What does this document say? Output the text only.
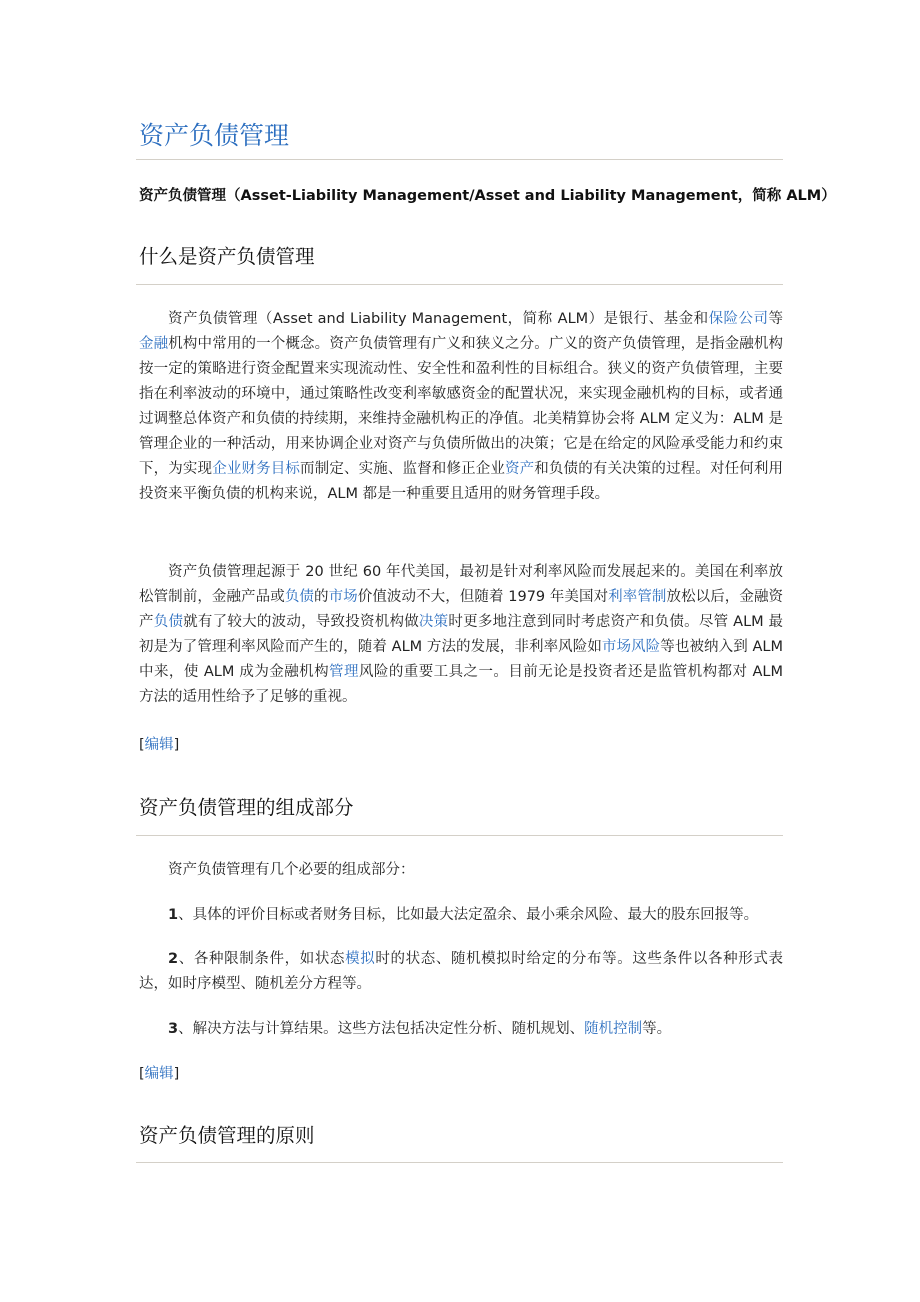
资产负债管理

资产负债管理（Asset-Liability Management/Asset and Liability Management，简称 ALM）

什么是资产负债管理

资产负债管理（Asset and Liability Management，简称 ALM）是银行、基金和保险公司等金融机构中常用的一个概念。资产负债管理有广义和狭义之分。广义的资产负债管理，是指金融机构按一定的策略进行资金配置来实现流动性、安全性和盈利性的目标组合。狭义的资产负债管理，主要指在利率波动的环境中，通过策略性改变利率敏感资金的配置状况，来实现金融机构的目标，或者通过调整总体资产和负债的持续期，来维持金融机构正的净值。北美精算协会将 ALM 定义为：ALM 是管理企业的一种活动，用来协调企业对资产与负债所做出的决策；它是在给定的风险承受能力和约束下，为实现企业财务目标而制定、实施、监督和修正企业资产和负债的有关决策的过程。对任何利用投资来平衡负债的机构来说，ALM 都是一种重要且适用的财务管理手段。

资产负债管理起源于 20 世纪 60 年代美国，最初是针对利率风险而发展起来的。美国在利率放松管制前，金融产品或负债的市场价值波动不大，但随着 1979 年美国对利率管制放松以后，金融资产负债就有了较大的波动，导致投资机构做决策时更多地注意到同时考虑资产和负债。尽管 ALM 最初是为了管理利率风险而产生的，随着 ALM 方法的发展，非利率风险如市场风险等也被纳入到 ALM 中来，使 ALM 成为金融机构管理风险的重要工具之一。目前无论是投资者还是监管机构都对 ALM 方法的适用性给予了足够的重视。

[编辑]

资产负债管理的组成部分

资产负债管理有几个必要的组成部分：

1、具体的评价目标或者财务目标，比如最大法定盈余、最小乘余风险、最大的股东回报等。

2、各种限制条件，如状态模拟时的状态、随机模拟时给定的分布等。这些条件以各种形式表达，如时序模型、随机差分方程等。

3、解决方法与计算结果。这些方法包括决定性分析、随机规划、随机控制等。

[编辑]

资产负债管理的原则
